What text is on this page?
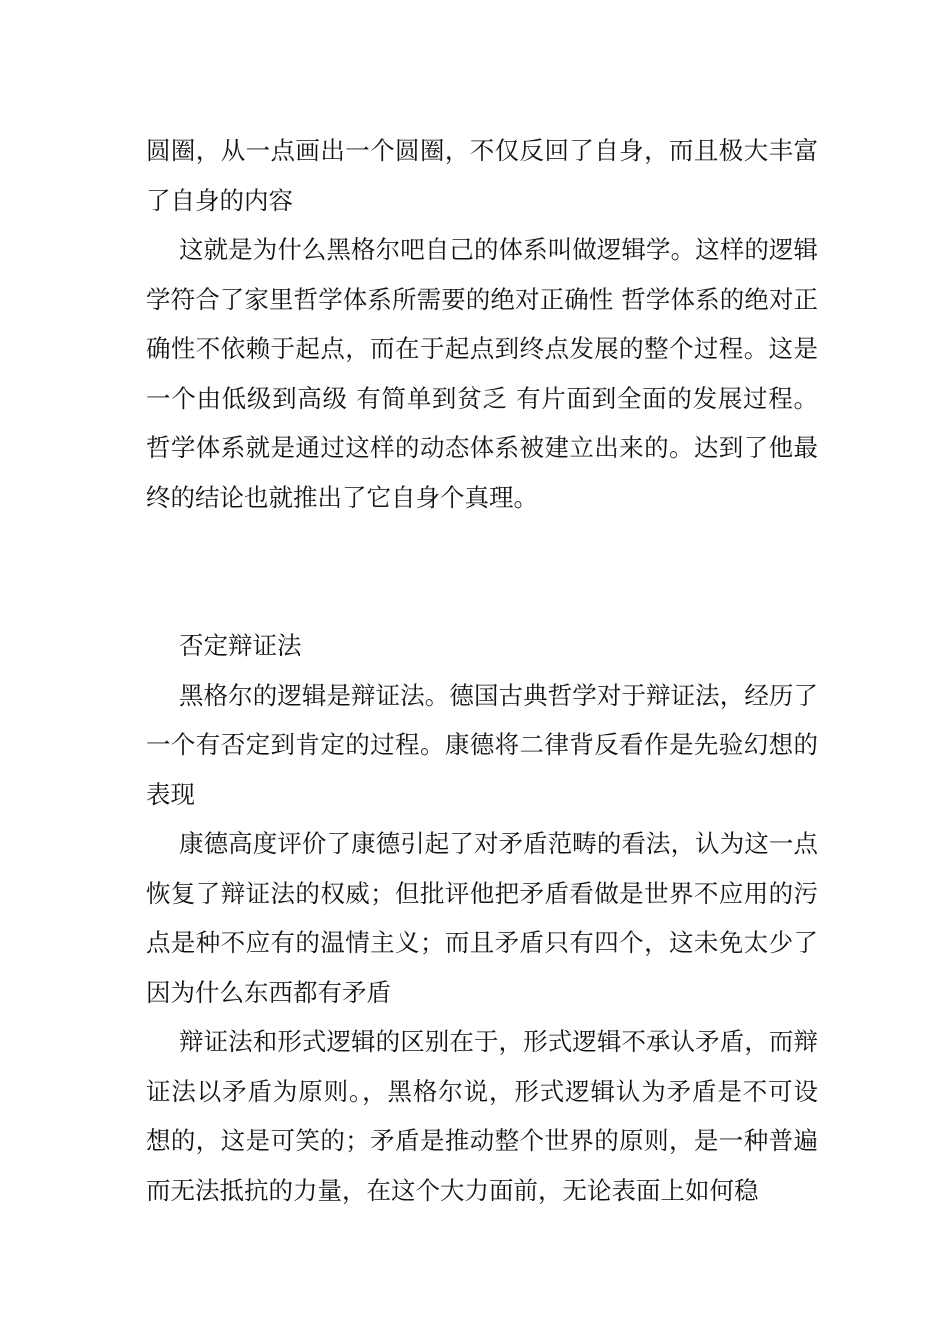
圆圈，从一点画出一个圆圈，不仅反回了自身，而且极大丰富了自身的内容

这就是为什么黑格尔吧自己的体系叫做逻辑学。这样的逻辑学符合了家里哲学体系所需要的绝对正确性 哲学体系的绝对正确性不依赖于起点，而在于起点到终点发展的整个过程。这是一个由低级到高级 有简单到贫乏 有片面到全面的发展过程。哲学体系就是通过这样的动态体系被建立出来的。达到了他最终的结论也就推出了它自身个真理。

否定辩证法

黑格尔的逻辑是辩证法。德国古典哲学对于辩证法，经历了一个有否定到肯定的过程。康德将二律背反看作是先验幻想的表现

康德高度评价了康德引起了对矛盾范畴的看法，认为这一点恢复了辩证法的权威；但批评他把矛盾看做是世界不应用的污点是种不应有的温情主义；而且矛盾只有四个，这未免太少了 因为什么东西都有矛盾

辩证法和形式逻辑的区别在于，形式逻辑不承认矛盾，而辩证法以矛盾为原则。，黑格尔说，形式逻辑认为矛盾是不可设想的，这是可笑的；矛盾是推动整个世界的原则，是一种普遍而无法抵抗的力量，在这个大力面前，无论表面上如何稳
